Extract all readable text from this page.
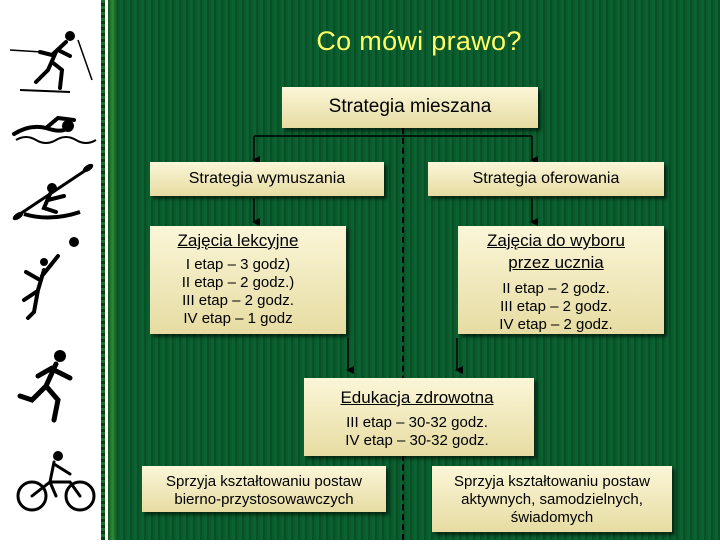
Co mówi prawo?
Strategia mieszana
Strategia wymuszania	Strategia oferowania
Zajęcia lekcyjne
I etap – 3 godz)
II etap – 2 godz.)
III etap – 2 godz.
IV etap – 1 godz
Zajęcia do wyboru
przez ucznia
II etap – 2 godz.
III etap – 2 godz.
IV etap – 2 godz.
Edukacja zdrowotna
III etap – 30-32 godz.
IV etap – 30-32 godz.
Sprzyja kształtowaniu postaw
bierno-przystosowawczych
Sprzyja kształtowaniu postaw
aktywnych, samodzielnych,
świadomych
